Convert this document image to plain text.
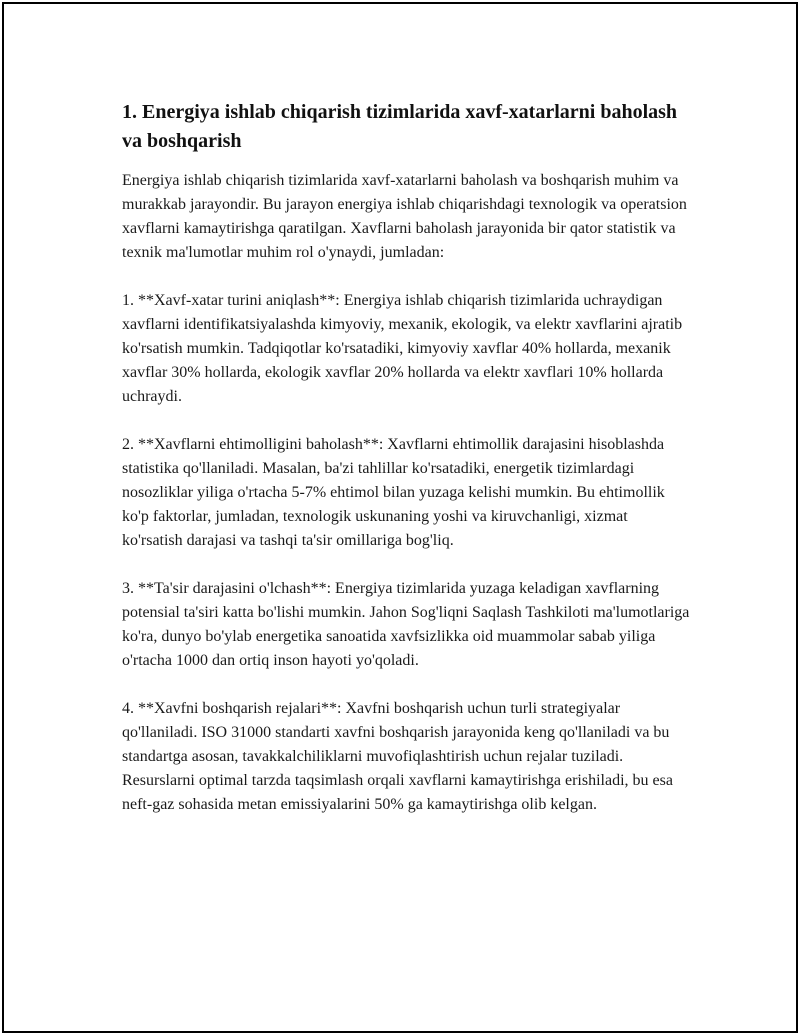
1. Energiya ishlab chiqarish tizimlarida xavf-xatarlarni baholash va boshqarish

Energiya ishlab chiqarish tizimlarida xavf-xatarlarni baholash va boshqarish muhim va murakkab jarayondir. Bu jarayon energiya ishlab chiqarishdagi texnologik va operatsion xavflarni kamaytirishga qaratilgan. Xavflarni baholash jarayonida bir qator statistik va texnik ma'lumotlar muhim rol o'ynaydi, jumladan:

1. **Xavf-xatar turini aniqlash**: Energiya ishlab chiqarish tizimlarida uchraydigan xavflarni identifikatsiyalashda kimyoviy, mexanik, ekologik, va elektr xavflarini ajratib ko'rsatish mumkin. Tadqiqotlar ko'rsatadiki, kimyoviy xavflar 40% hollarda, mexanik xavflar 30% hollarda, ekologik xavflar 20% hollarda va elektr xavflari 10% hollarda uchraydi.

2. **Xavflarni ehtimolligini baholash**: Xavflarni ehtimollik darajasini hisoblashda statistika qo'llaniladi. Masalan, ba'zi tahlillar ko'rsatadiki, energetik tizimlardagi nosozliklar yiliga o'rtacha 5-7% ehtimol bilan yuzaga kelishi mumkin. Bu ehtimollik ko'p faktorlar, jumladan, texnologik uskunaning yoshi va kiruvchanligi, xizmat ko'rsatish darajasi va tashqi ta'sir omillariga bog'liq.

3. **Ta'sir darajasini o'lchash**: Energiya tizimlarida yuzaga keladigan xavflarning potensial ta'siri katta bo'lishi mumkin. Jahon Sog'liqni Saqlash Tashkiloti ma'lumotlariga ko'ra, dunyo bo'ylab energetika sanoatida xavfsizlikka oid muammolar sabab yiliga o'rtacha 1000 dan ortiq inson hayoti yo'qoladi.

4. **Xavfni boshqarish rejalari**: Xavfni boshqarish uchun turli strategiyalar qo'llaniladi. ISO 31000 standarti xavfni boshqarish jarayonida keng qo'llaniladi va bu standartga asosan, tavakkalchiliklarni muvofiqlashtirish uchun rejalar tuziladi. Resurslarni optimal tarzda taqsimlash orqali xavflarni kamaytirishga erishiladi, bu esa neft-gaz sohasida metan emissiyalarini 50% ga kamaytirishga olib kelgan.
